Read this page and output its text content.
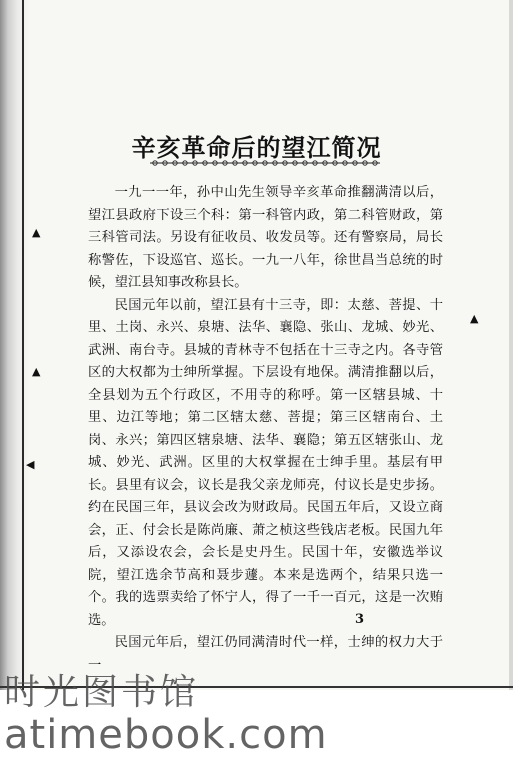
辛亥革命后的望江简况

一九一一年，孙中山先生领导辛亥革命推翻满清以后，望江县政府下设三个科：第一科管内政，第二科管财政，第三科管司法。另设有征收员、收发员等。还有警察局，局长称警佐，下设巡官、巡长。一九一八年，徐世昌当总统的时候，望江县知事改称县长。

民国元年以前，望江县有十三寺，即：太慈、菩提、十里、土岗、永兴、泉塘、法华、襄隐、张山、龙城、妙光、武洲、南台寺。县城的青林寺不包括在十三寺之内。各寺管区的大权都为士绅所掌握。下层设有地保。满清推翻以后，全县划为五个行政区，不用寺的称呼。第一区辖县城、十里、边江等地；第二区辖太慈、菩提；第三区辖南台、土岗、永兴；第四区辖泉塘、法华、襄隐；第五区辖张山、龙城、妙光、武洲。区里的大权掌握在士绅手里。基层有甲长。县里有议会，议长是我父亲龙师亮，付议长是史步扬。约在民国三年，县议会改为财政局。民国五年后，又设立商会，正、付会长是陈尚廉、萧之桢这些钱店老板。民国九年后，又添设农会，会长是史丹生。民国十年，安徽选举议院，望江选余节高和聂步蘧。本来是选两个，结果只选一个。我的选票卖给了怀宁人，得了一千一百元，这是一次贿选。

民国元年后，望江仍同满清时代一样，士绅的权力大于一

3
▲
▲
▲
◀
时光图书馆
atimebook.com
